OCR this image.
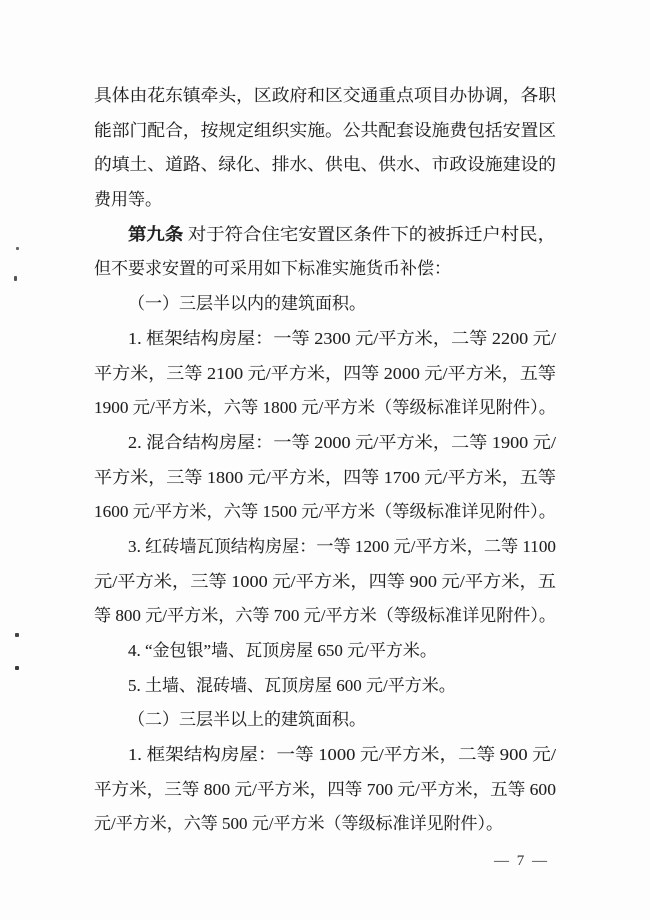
具体由花东镇牵头，区政府和区交通重点项目办协调，各职
能部门配合，按规定组织实施。公共配套设施费包括安置区
的填土、道路、绿化、排水、供电、供水、市政设施建设的
费用等。
第九条 对于符合住宅安置区条件下的被拆迁户村民，
但不要求安置的可采用如下标准实施货币补偿：
（一）三层半以内的建筑面积。
1. 框架结构房屋：一等 2300 元/平方米，二等 2200 元/
平方米，三等 2100 元/平方米，四等 2000 元/平方米，五等
1900 元/平方米，六等 1800 元/平方米（等级标准详见附件）。
2. 混合结构房屋：一等 2000 元/平方米，二等 1900 元/
平方米，三等 1800 元/平方米，四等 1700 元/平方米，五等
1600 元/平方米，六等 1500 元/平方米（等级标准详见附件）。
3. 红砖墙瓦顶结构房屋：一等 1200 元/平方米，二等 1100
元/平方米，三等 1000 元/平方米，四等 900 元/平方米，五
等 800 元/平方米，六等 700 元/平方米（等级标准详见附件）。
4. “金包银”墙、瓦顶房屋 650 元/平方米。
5. 土墙、混砖墙、瓦顶房屋 600 元/平方米。
（二）三层半以上的建筑面积。
1. 框架结构房屋：一等 1000 元/平方米，二等 900 元/
平方米，三等 800 元/平方米，四等 700 元/平方米，五等 600
元/平方米，六等 500 元/平方米（等级标准详见附件）。
— 7 —
